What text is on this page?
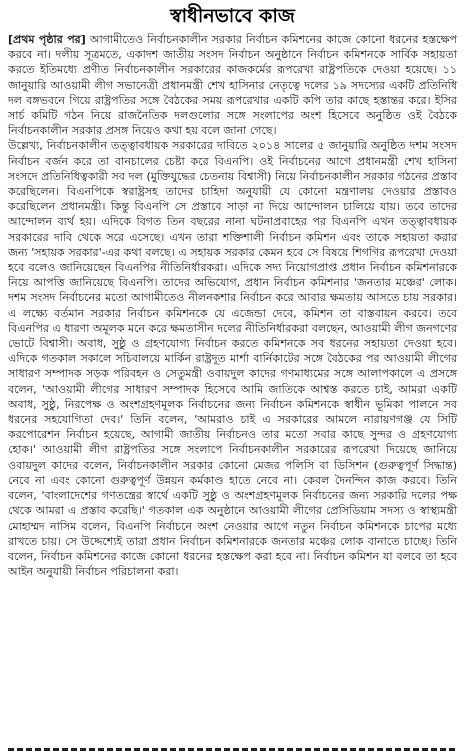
স্বাধীনভাবে কাজ

[প্রথম পৃষ্ঠার পর] আগামীতেও নির্বাচনকালীন সরকার নির্বাচন কমিশনের কাজে কোনো ধরনের হস্তক্ষেপ করবে না। দলীয় সূত্রমতে, একাদশ জাতীয় সংসদ নির্বাচন অনুষ্ঠানে নির্বাচন কমিশনকে সার্বিক সহায়তা করতে ইতিমধ্যে প্রণীত নির্বাচনকালীন সরকারের কাজকর্মের রূপরেখা রাষ্ট্রপতিকে দেওয়া হয়েছে। ১১ জানুয়ারি আওয়ামী লীগ সভানেত্রী প্রধানমন্ত্রী শেখ হাসিনার নেতৃত্বে দলের ১৯ সদস্যের একটি প্রতিনিধি দল বঙ্গভবনে গিয়ে রাষ্ট্রপতির সঙ্গে বৈঠকের সময় রূপরেখার একটি কপি তার কাছে হস্তান্তর করে। ইসির সার্চ কমিটি গঠন নিয়ে রাজনৈতিক দলগুলোর সঙ্গে সংলাপের অংশ হিসেবে অনুষ্ঠিত ওই বৈঠকে নির্বাচনকালীন সরকার প্রসঙ্গ নিয়েও কথা হয় বলে জানা গেছে।

উল্লেখ্য, নির্বাচনকালীন তত্ত্বাবধায়ক সরকারের দাবিতে ২০১৪ সালের ৫ জানুয়ারি অনুষ্ঠিত দশম সংসদ নির্বাচন বর্জন করে তা বানচালের চেষ্টা করে বিএনপি। ওই নির্বাচনের আগে প্রধানমন্ত্রী শেখ হাসিনা সংসদে প্রতিনিধিত্বকারী সব দল (মুক্তিযুদ্ধের চেতনায় বিশ্বাসী) নিয়ে নির্বাচনকালীন সরকার গঠনের প্রস্তাব করেছিলেন। বিএনপিকে স্বরাষ্ট্রসহ তাদের চাহিদা অনুযায়ী যে কোনো মন্ত্রণালয় দেওয়ার প্রস্তাবও করেছিলেন প্রধানমন্ত্রী। কিন্তু বিএনপি সে প্রস্তাবে সাড়া না দিয়ে আন্দোলন চালিয়ে যায়। তবে তাদের আন্দোলন ব্যর্থ হয়। এদিকে বিগত তিন বছরের নানা ঘটনাপ্রবাহের পর বিএনপি এখন তত্ত্বাবধায়ক সরকারের দাবি থেকে সরে এসেছে। এখন তারা শক্তিশালী নির্বাচন কমিশন এবং তাকে সহায়তা করার জন্য 'সহায়ক সরকার'-এর কথা বলছে। এ সহায়ক সরকার কেমন হবে সে বিষয়ে শিগগির রূপরেখা দেওয়া হবে বলেও জানিয়েছেন বিএনপির নীতিনির্ধারকরা। এদিকে সদ্য নিয়োগপ্রাপ্ত প্রধান নির্বাচন কমিশনারকে নিয়ে আপত্তি জানিয়েছে বিএনপি। তাদের অভিযোগ, প্রধান নির্বাচন কমিশনার 'জনতার মঞ্চের' লোক। দশম সংসদ নির্বাচনের মতো আগামীতেও নীলনকশার নির্বাচন করে আবার ক্ষমতায় আসতে চায় সরকার। এ লক্ষ্যে বর্তমান সরকার নির্বাচন কমিশনকে যে এজেন্ডা দেবে, কমিশন তা বাস্তবায়ন করবে। তবে বিএনপির এ ধারণা অমূলক মনে করে ক্ষমতাসীন দলের নীতিনির্ধারকরা বলছেন, আওয়ামী লীগ জনগণের ভোটে বিশ্বাসী। অবাধ, সুষ্ঠু ও গ্রহণযোগ্য নির্বাচন করতে কমিশনকে সব ধরনের সহায়তা দেওয়া হবে। এদিকে গতকাল সকালে সচিবালয়ে মার্কিন রাষ্ট্রদূত মার্শা বার্নিকাটের সঙ্গে বৈঠকের পর আওয়ামী লীগের সাধারণ সম্পাদক সড়ক পরিবহন ও সেতুমন্ত্রী ওবায়দুল কাদের গণমাধ্যমের সঙ্গে আলাপকালে এ প্রসঙ্গে বলেন, 'আওয়ামী লীগের সাধারণ সম্পাদক হিসেবে আমি জাতিকে আশ্বস্ত করতে চাই, আমরা একটি অবাধ, সুষ্ঠু, নিরপেক্ষ ও অংশগ্রহণমূলক নির্বাচনের জন্য নির্বাচন কমিশনকে স্বাধীন ভূমিকা পালনে সব ধরনের সহযোগিতা দেব।' তিনি বলেন, 'আমরাও চাই এ সরকারের আমলে নারায়ণগঞ্জ যে সিটি করপোরেশন নির্বাচন হয়েছে, আগামী জাতীয় নির্বাচনও তার মতো সবার কাছে সুন্দর ও গ্রহণযোগ্য হোক।' আওয়ামী লীগ রাষ্ট্রপতির সঙ্গে সংলাপে নির্বাচনকালীন সরকারের রূপরেখা দিয়েছে জানিয়ে ওবায়দুল কাদের বলেন, নির্বাচনকালীন সরকার কোনো মেজর পলিসি বা ডিসিশন (গুরুত্বপূর্ণ সিদ্ধান্ত) নেবে না এবং কোনো গুরুত্বপূর্ণ উন্নয়ন কর্মকাণ্ড হাতে নেবে না। কেবল দৈনন্দিন কাজ করবে। তিনি বলেন, 'বাংলাদেশের গণতন্ত্রের স্বার্থে একটি সুষ্ঠু ও অংশগ্রহণমূলক নির্বাচনের জন্য সরকারি দলের পক্ষ থেকে আমরা এ প্রস্তাব করেছি।' গতকাল এক অনুষ্ঠানে আওয়ামী লীগের প্রেসিডিয়াম সদস্য ও স্বাস্থ্যমন্ত্রী মোহাম্মদ নাসিম বলেন, বিএনপি নির্বাচনে অংশ নেওয়ার আগে নতুন নির্বাচন কমিশনকে চাপের মধ্যে রাখতে চায়। সে উদ্দেশ্যেই তারা প্রধান নির্বাচন কমিশনারকে জনতার মঞ্চের লোক বানাতে চাচ্ছে। তিনি বলেন, নির্বাচন কমিশনের কাজে কোনো ধরনের হস্তক্ষেপ করা হবে না। নির্বাচন কমিশন যা বলবে তা হবে আইন অনুযায়ী নির্বাচন পরিচালনা করা।
